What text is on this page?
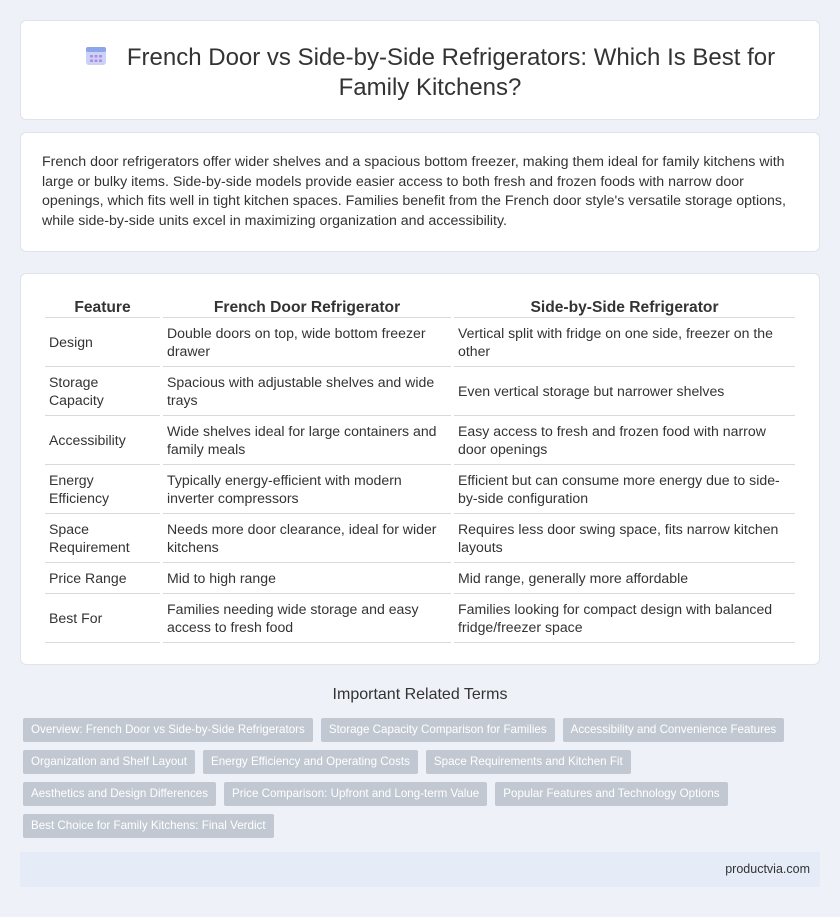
French Door vs Side-by-Side Refrigerators: Which Is Best for Family Kitchens?

French door refrigerators offer wider shelves and a spacious bottom freezer, making them ideal for family kitchens with large or bulky items. Side-by-side models provide easier access to both fresh and frozen foods with narrow door openings, which fits well in tight kitchen spaces. Families benefit from the French door style's versatile storage options, while side-by-side units excel in maximizing organization and accessibility.

Feature	French Door Refrigerator	Side-by-Side Refrigerator
Design	Double doors on top, wide bottom freezer drawer	Vertical split with fridge on one side, freezer on the other
Storage Capacity	Spacious with adjustable shelves and wide trays	Even vertical storage but narrower shelves
Accessibility	Wide shelves ideal for large containers and family meals	Easy access to fresh and frozen food with narrow door openings
Energy Efficiency	Typically energy-efficient with modern inverter compressors	Efficient but can consume more energy due to side-by-side configuration
Space Requirement	Needs more door clearance, ideal for wider kitchens	Requires less door swing space, fits narrow kitchen layouts
Price Range	Mid to high range	Mid range, generally more affordable
Best For	Families needing wide storage and easy access to fresh food	Families looking for compact design with balanced fridge/freezer space
Important Related Terms
Overview: French Door vs Side-by-Side Refrigerators	Storage Capacity Comparison for Families	Accessibility and Convenience Features
Organization and Shelf Layout	Energy Efficiency and Operating Costs	Space Requirements and Kitchen Fit
Aesthetics and Design Differences	Price Comparison: Upfront and Long-term Value	Popular Features and Technology Options
Best Choice for Family Kitchens: Final Verdict
productvia.com
